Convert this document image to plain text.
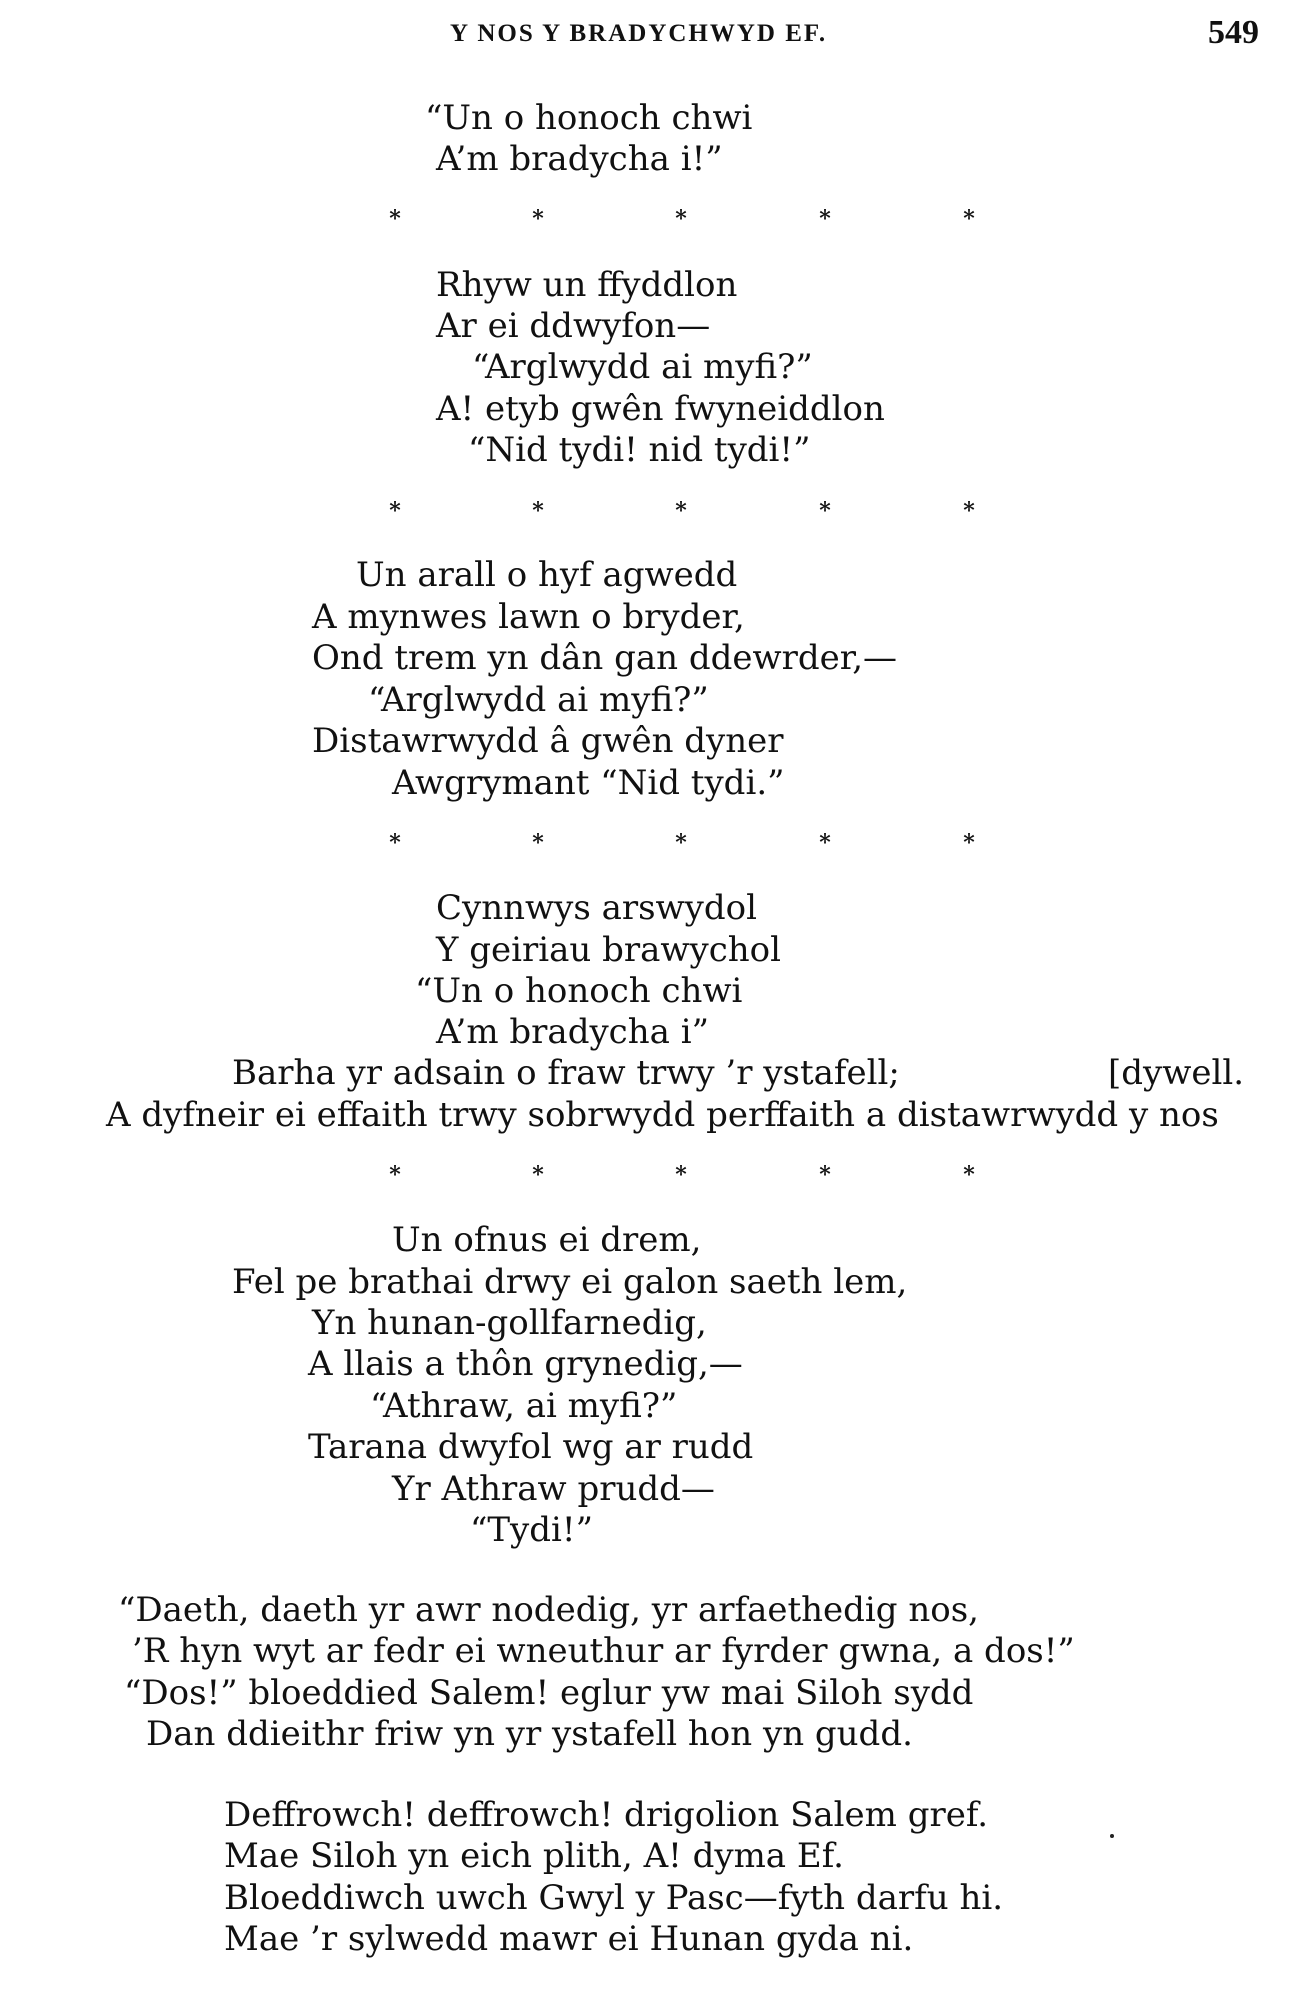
Y NOS Y BRADYCHWYD EF.	549
“Un o honoch chwi
A’m bradycha i!”
*	*	*	*	*
Rhyw un ffyddlon
Ar ei ddwyfon—
“Arglwydd ai myfi?”
A! etyb gwên fwyneiddlon
“Nid tydi! nid tydi!”
*	*	*	*	*
Un arall o hyf agwedd
A mynwes lawn o bryder,
Ond trem yn dân gan ddewrder,—
“Arglwydd ai myfi?”
Distawrwydd â gwên dyner
Awgrymant “Nid tydi.”
*	*	*	*	*
Cynnwys arswydol
Y geiriau brawychol
“Un o honoch chwi
A’m bradycha i”
Barha yr adsain o fraw trwy ’r ystafell;	[dywell.
A dyfneir ei effaith trwy sobrwydd perffaith a distawrwydd y nos
*	*	*	*	*
Un ofnus ei drem,
Fel pe brathai drwy ei galon saeth lem,
Yn hunan-gollfarnedig,
A llais a thôn grynedig,—
“Athraw, ai myfi?”
Tarana dwyfol wg ar rudd
Yr Athraw prudd—
“Tydi!”
“Daeth, daeth yr awr nodedig, yr arfaethedig nos,
’R hyn wyt ar fedr ei wneuthur ar fyrder gwna, a dos!”
“Dos!” bloeddied Salem! eglur yw mai Siloh sydd
Dan ddieithr friw yn yr ystafell hon yn gudd.
Deffrowch! deffrowch! drigolion Salem gref.
Mae Siloh yn eich plith, A! dyma Ef.
Bloeddiwch uwch Gwyl y Pasc—fyth darfu hi.
Mae ’r sylwedd mawr ei Hunan gyda ni.
